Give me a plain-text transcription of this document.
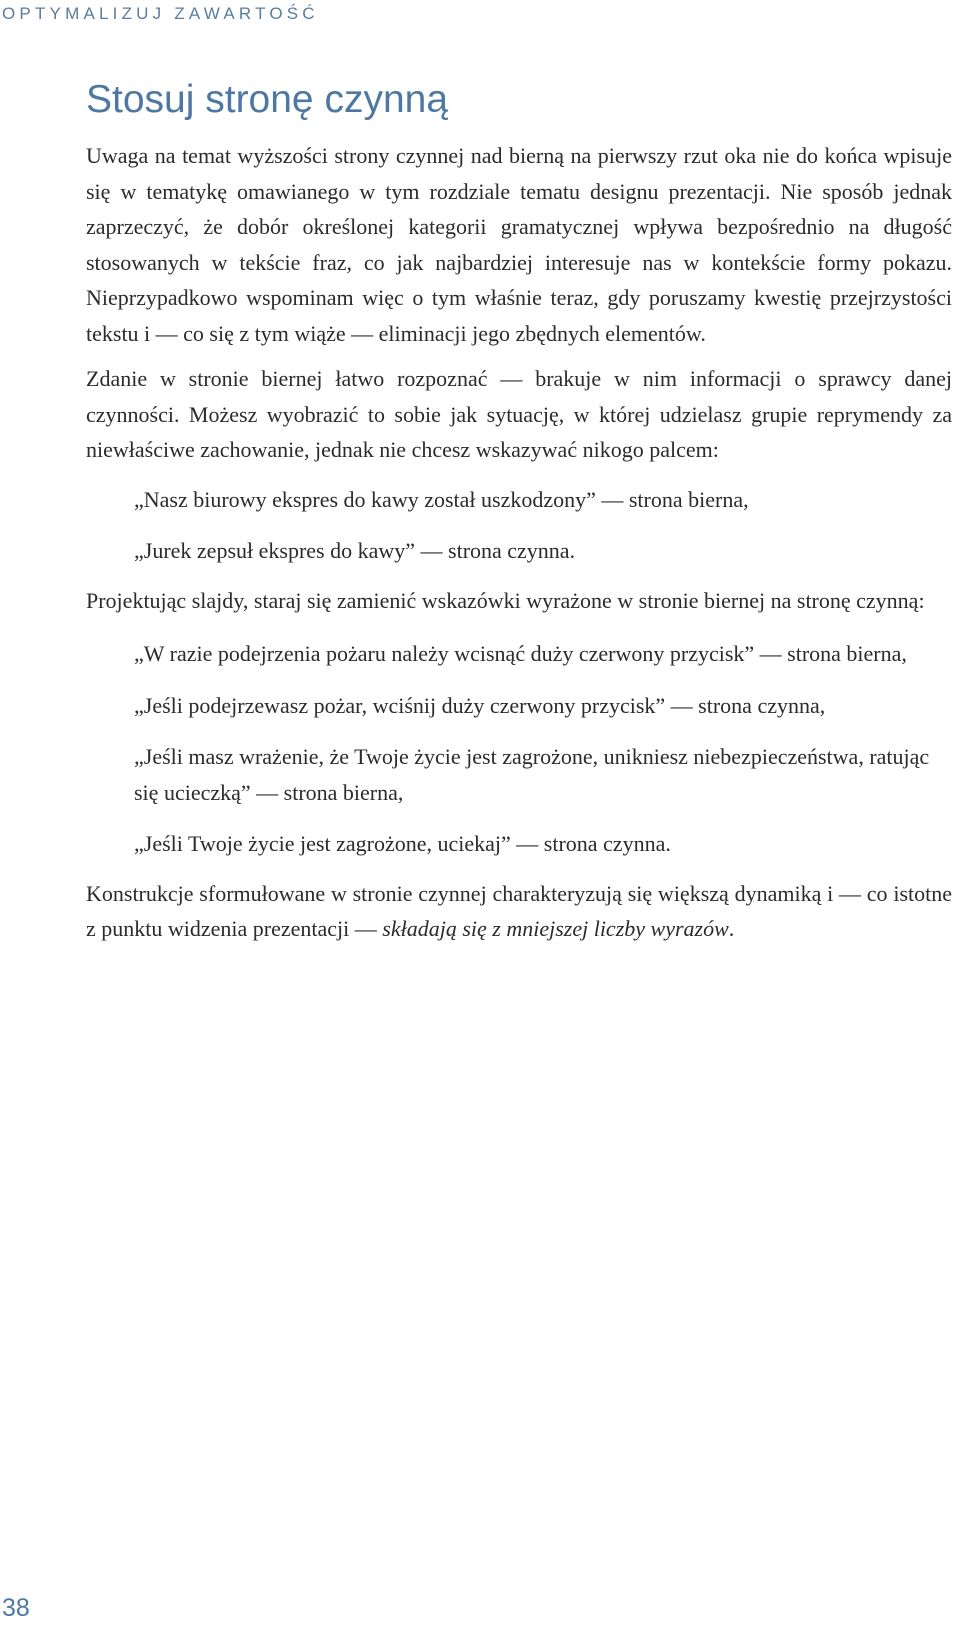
OPTYMALIZUJ ZAWARTOŚĆ
Stosuj stronę czynną

Uwaga na temat wyższości strony czynnej nad bierną na pierwszy rzut oka nie do końca wpisuje się w tematykę omawianego w tym rozdziale tematu designu prezentacji. Nie sposób jednak zaprzeczyć, że dobór określonej kategorii gramatycznej wpływa bezpośrednio na długość stosowanych w tekście fraz, co jak najbardziej interesuje nas w kontekście formy pokazu. Nieprzypadkowo wspominam więc o tym właśnie teraz, gdy poruszamy kwestię przejrzystości tekstu i — co się z tym wiąże — eliminacji jego zbędnych elementów.

Zdanie w stronie biernej łatwo rozpoznać — brakuje w nim informacji o sprawcy danej czynności. Możesz wyobrazić to sobie jak sytuację, w której udzielasz grupie reprymendy za niewłaściwe zachowanie, jednak nie chcesz wskazywać nikogo palcem:

„Nasz biurowy ekspres do kawy został uszkodzony” — strona bierna,

„Jurek zepsuł ekspres do kawy” — strona czynna.

Projektując slajdy, staraj się zamienić wskazówki wyrażone w stronie biernej na stronę czynną:

„W razie podejrzenia pożaru należy wcisnąć duży czerwony przycisk” — strona bierna,

„Jeśli podejrzewasz pożar, wciśnij duży czerwony przycisk” — strona czynna,

„Jeśli masz wrażenie, że Twoje życie jest zagrożone, unikniesz niebezpieczeństwa, ratując się ucieczką” — strona bierna,

„Jeśli Twoje życie jest zagrożone, uciekaj” — strona czynna.

Konstrukcje sformułowane w stronie czynnej charakteryzują się większą dynamiką i — co istotne z punktu widzenia prezentacji — składają się z mniejszej liczby wyrazów.

38
